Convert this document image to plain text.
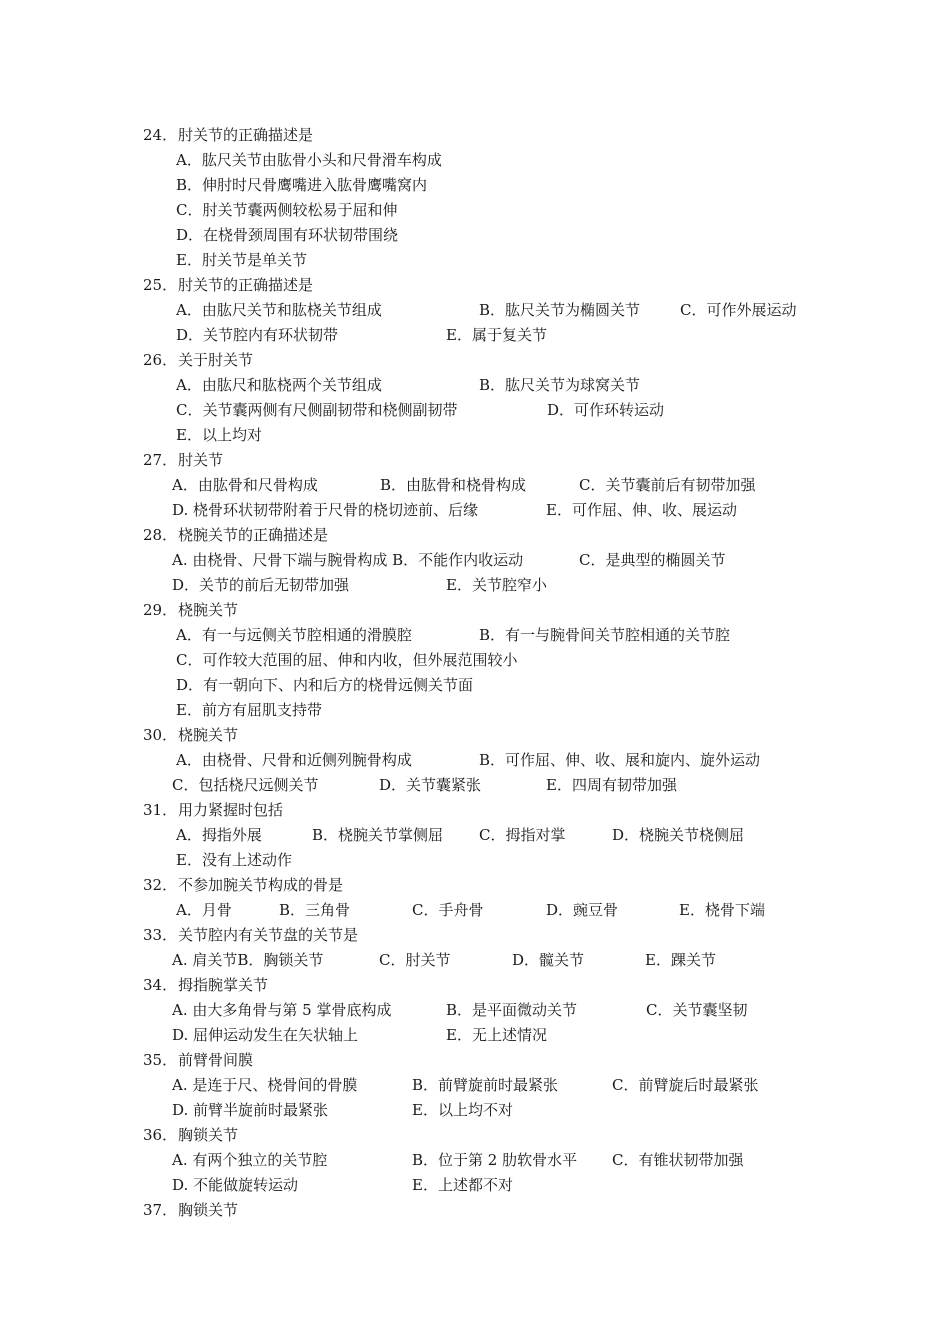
24． 肘关节的正确描述是
A．肱尺关节由肱骨小头和尺骨滑车构成
B．伸肘时尺骨鹰嘴进入肱骨鹰嘴窝内
C．肘关节囊两侧较松易于屈和伸
D．在桡骨颈周围有环状韧带围绕
E．肘关节是单关节
25． 肘关节的正确描述是
A．由肱尺关节和肱桡关节组成	B．肱尺关节为椭圆关节	C．可作外展运动
D．关节腔内有环状韧带	E．属于复关节
26． 关于肘关节
A．由肱尺和肱桡两个关节组成	B．肱尺关节为球窝关节
C．关节囊两侧有尺侧副韧带和桡侧副韧带	D．可作环转运动
E．以上均对
27． 肘关节
A．由肱骨和尺骨构成	B．由肱骨和桡骨构成	C．关节囊前后有韧带加强
D. 桡骨环状韧带附着于尺骨的桡切迹前、后缘	E．可作屈、伸、收、展运动
28． 桡腕关节的正确描述是
A. 由桡骨、尺骨下端与腕骨构成 B．不能作内收运动	C．是典型的椭圆关节
D．关节的前后无韧带加强	E．关节腔窄小
29． 桡腕关节
A．有一与远侧关节腔相通的滑膜腔	B．有一与腕骨间关节腔相通的关节腔
C．可作较大范围的屈、伸和内收，但外展范围较小
D．有一朝向下、内和后方的桡骨远侧关节面
E．前方有屈肌支持带
30． 桡腕关节
A．由桡骨、尺骨和近侧列腕骨构成	B．可作屈、伸、收、展和旋内、旋外运动
C．包括桡尺远侧关节	D．关节囊紧张	E．四周有韧带加强
31． 用力紧握时包括
A．拇指外展	B．桡腕关节掌侧屈 C．拇指对掌	D．桡腕关节桡侧屈
E．没有上述动作
32． 不参加腕关节构成的骨是
A．月骨	B．三角骨	C．手舟骨	D．豌豆骨	E．桡骨下端
33． 关节腔内有关节盘的关节是
A. 肩关节B．胸锁关节	C．肘关节	D．髋关节	E．踝关节
34． 拇指腕掌关节
A. 由大多角骨与第 5 掌骨底构成	B．是平面微动关节	C．关节囊坚韧
D. 屈伸运动发生在矢状轴上	E．无上述情况
35． 前臂骨间膜
A. 是连于尺、桡骨间的骨膜	B．前臂旋前时最紧张	C．前臂旋后时最紧张
D. 前臂半旋前时最紧张	E．以上均不对
36． 胸锁关节
A. 有两个独立的关节腔	B．位于第 2 肋软骨水平 C．有锥状韧带加强
D. 不能做旋转运动	E．上述都不对
37． 胸锁关节
